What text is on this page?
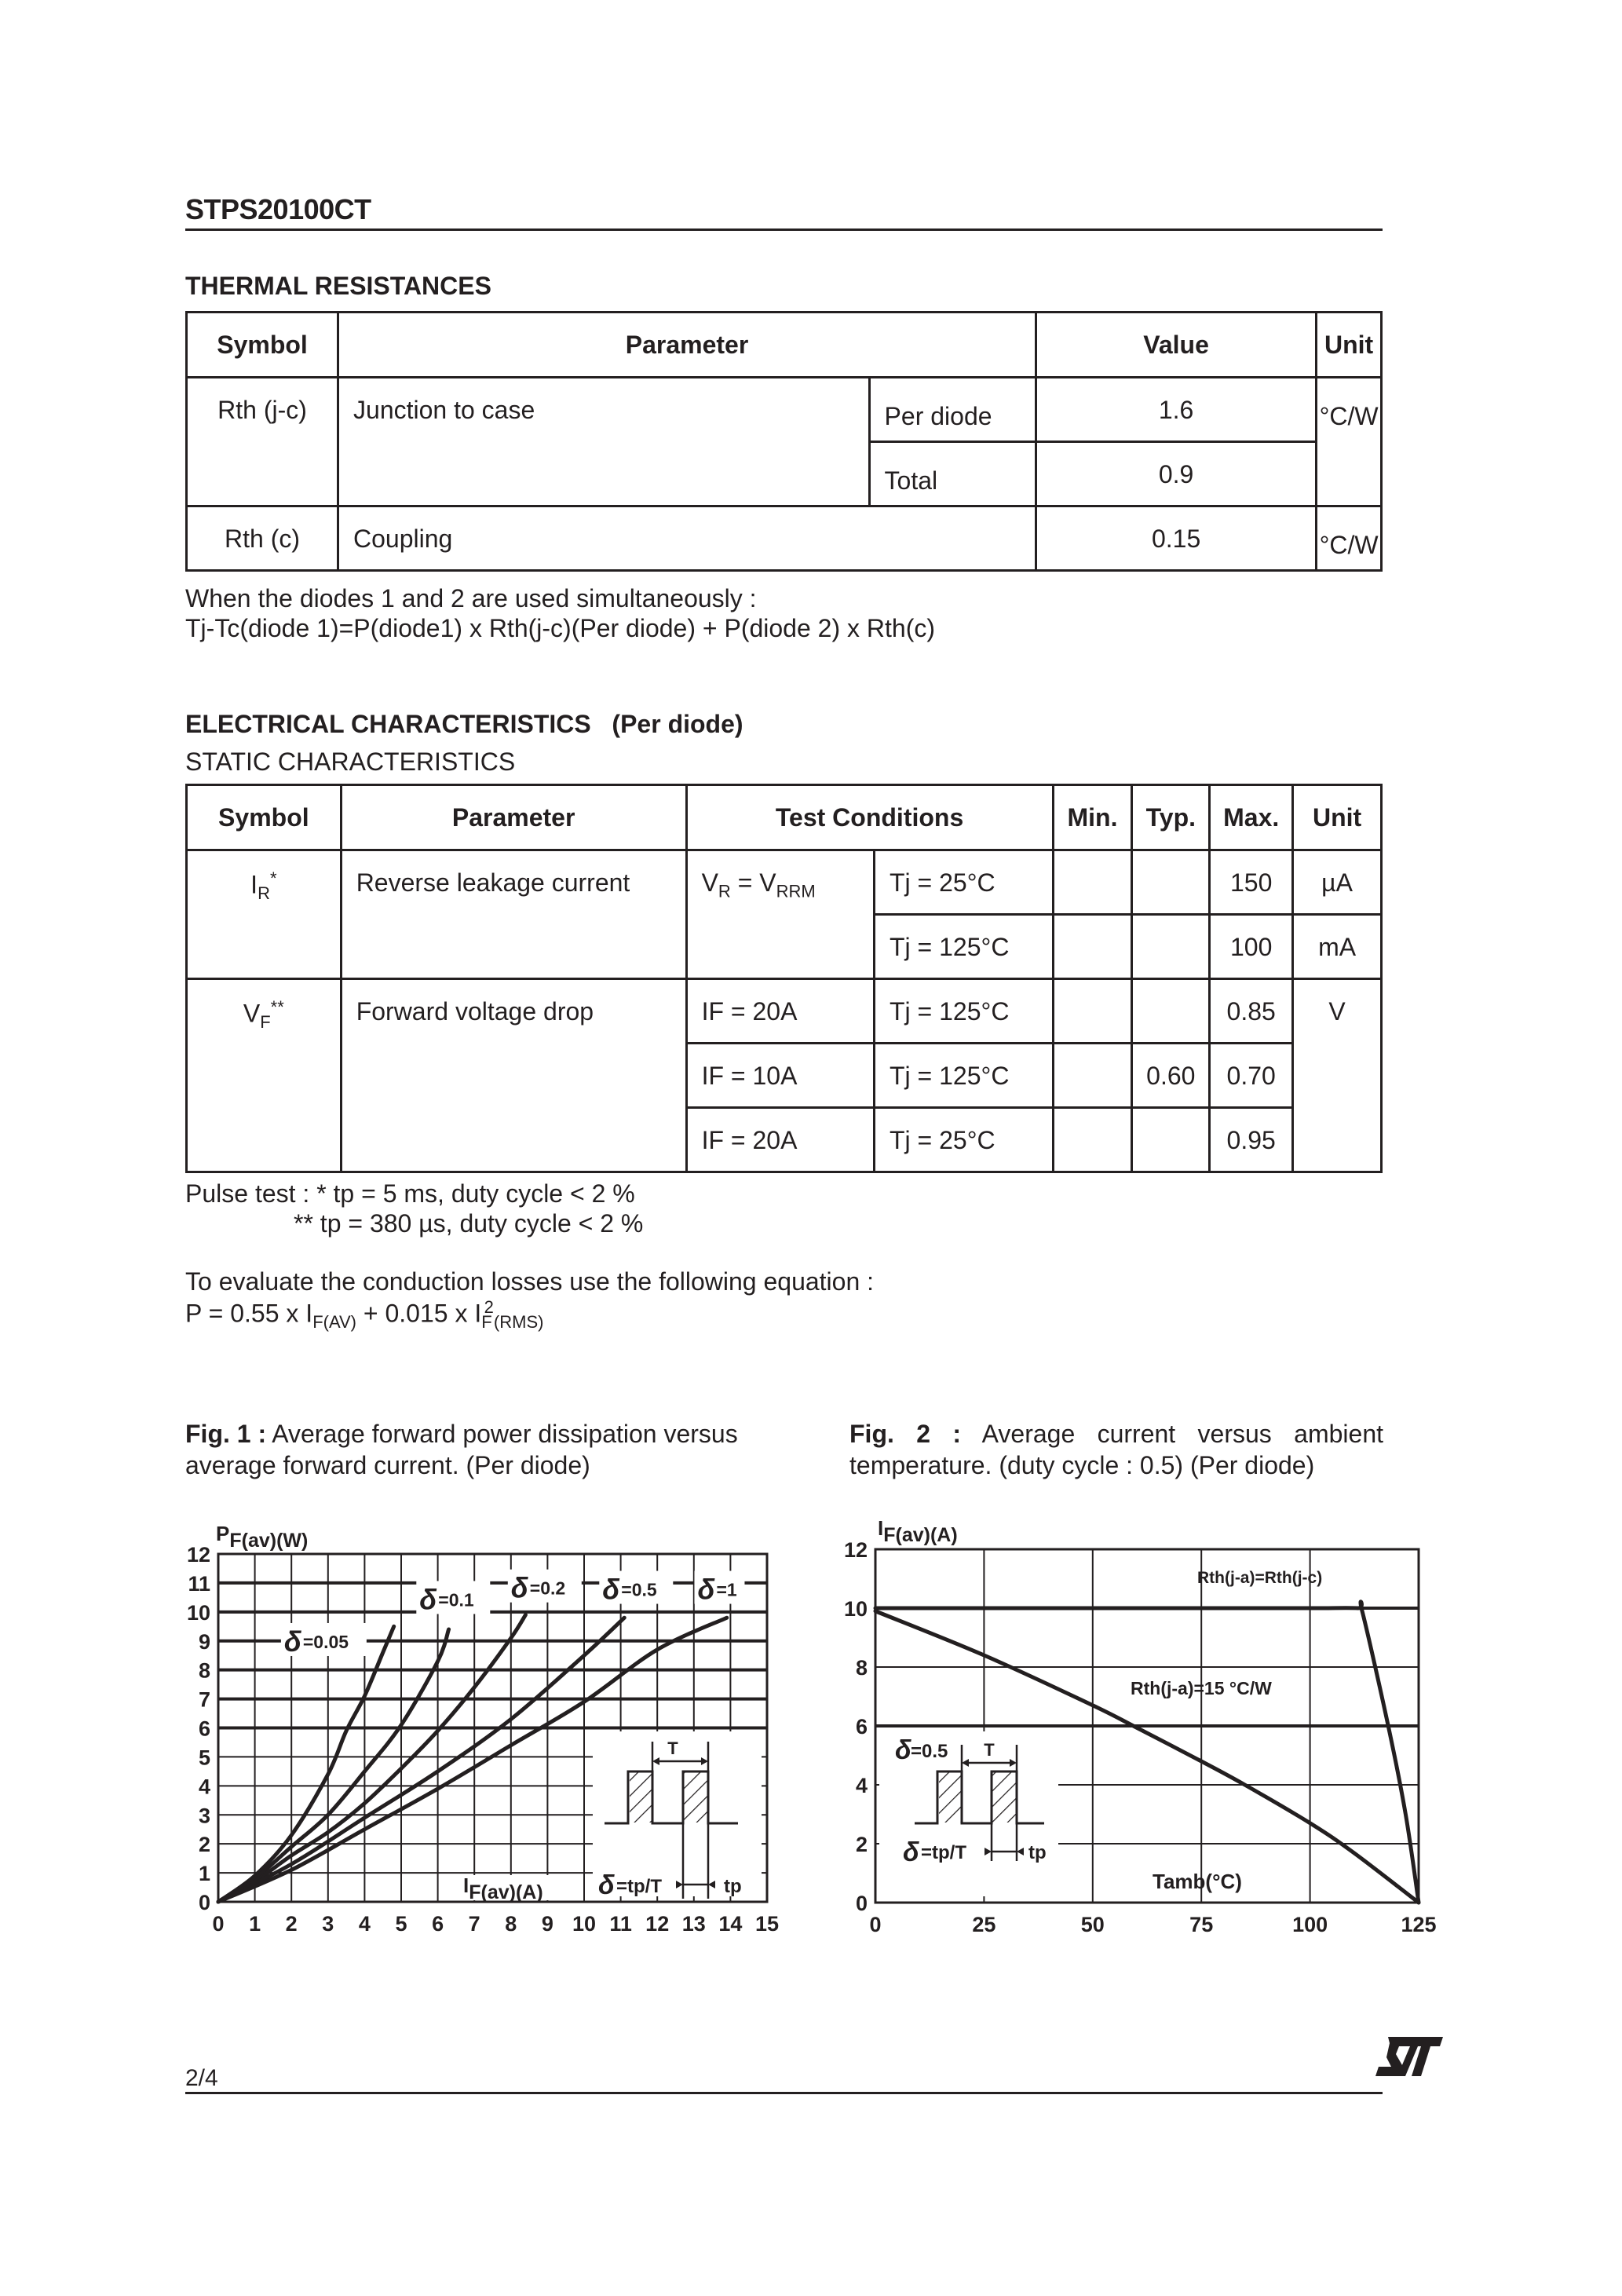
STPS20100CT
THERMAL RESISTANCES
Symbol	Parameter		Value	Unit
Rth (j-c)	Junction to case	Per diode	1.6	°C/W
		Total	0.9	
Rth (c)	Coupling		0.15	°C/W
When the diodes 1 and 2 are used simultaneously :
Tj-Tc(diode 1)=P(diode1) x Rth(j-c)(Per diode) + P(diode 2) x Rth(c)
ELECTRICAL CHARACTERISTICS (Per diode)
STATIC CHARACTERISTICS
Symbol	Parameter	Test Conditions		Min.	Typ.	Max.	Unit
$I_R^*$	Reverse leakage current	$V_R = V_{RRM}$	Tj = 25°C			150	µA
			Tj = 125°C			100	mA
$V_F^{**}$	Forward voltage drop	IF = 20A	Tj = 125°C			0.85	V
		IF = 10A	Tj = 125°C		0.60	0.70	
		IF = 20A	Tj = 25°C			0.95	
Pulse test : * tp = 5 ms, duty cycle < 2 %
** tp = 380 µs, duty cycle < 2 %
To evaluate the conduction losses use the following equation :
P = 0.55 x $I_{F(AV)} + 0.015$ x $I_F^2_{(RMS)}$
Fig. 1 : Average forward power dissipation versus
average forward current. (Per diode)
Fig. 2 : Average current versus ambient
temperature. (duty cycle : 0.5) (Per diode)
PF(av)(W)
IF(av)(A)
δ =0.05
δ =0.1 δ =0.2 δ =0.5 δ =1
T
tp
δ =tp/T
0 1 2 3 4 5 6 7 8 9 10 11 12 13 14 15
0
1
2
3
4
5
6
7
8
9
10
11
12
IF(av)(A)
Tamb(°C)
Rth(j-a)=Rth(j-c)
Rth(j-a)=15 °C/W
δ =0.5 T
tp
δ =tp/T
0	25	50	75	100	125
0
2
4
6
8
10
12
2/4
